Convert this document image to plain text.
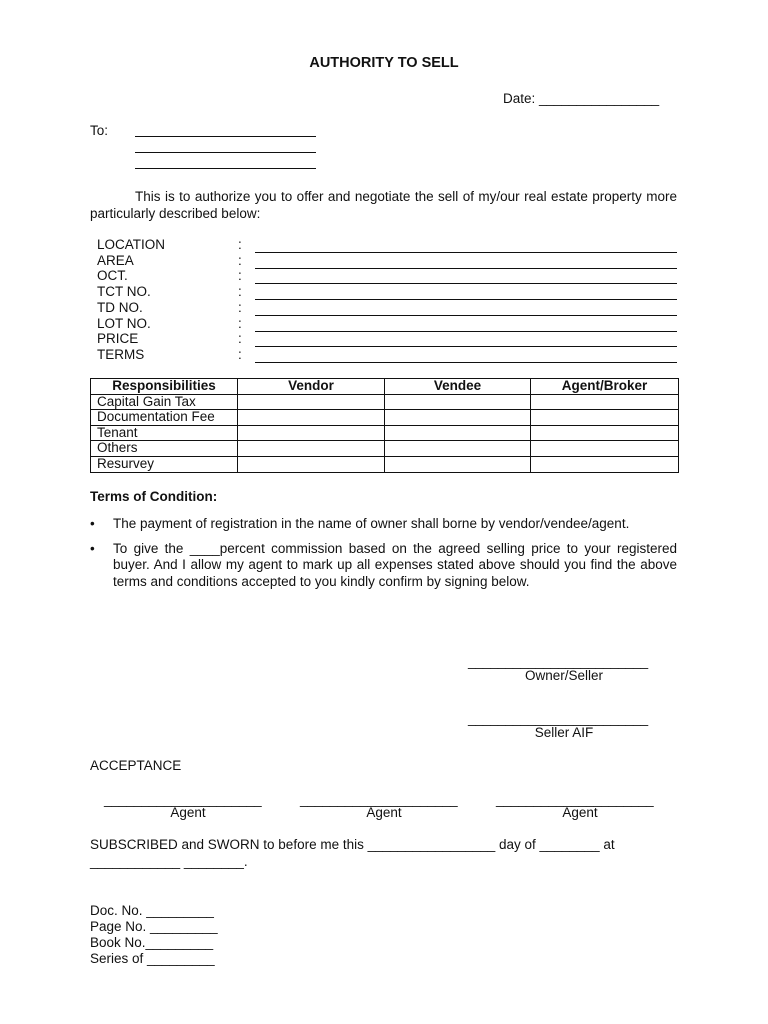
AUTHORITY TO SELL
Date: ________________
To:
This is to authorize you to offer and negotiate the sell of my/our real estate property more particularly described below:
LOCATION	:
AREA	:
OCT.	:
TCT NO.	:
TD NO.	:
LOT NO.	:
PRICE	:
TERMS	:
Responsibilities	Vendor	Vendee	Agent/Broker
Capital Gain Tax			
Documentation Fee			
Tenant			
Others			
Resurvey			
Terms of Condition:
• The payment of registration in the name of owner shall borne by vendor/vendee/agent.
• To give the ____percent commission based on the agreed selling price to your registered buyer. And I allow my agent to mark up all expenses stated above should you find the above terms and conditions accepted to you kindly confirm by signing below.
________________________
Owner/Seller
________________________
Seller AIF
ACCEPTANCE
_____________________	_____________________	_____________________
Agent	Agent	Agent
SUBSCRIBED and SWORN to before me this _________________ day of ________ at
____________ ________.
Doc. No. _________
Page No. _________
Book No._________
Series of _________
